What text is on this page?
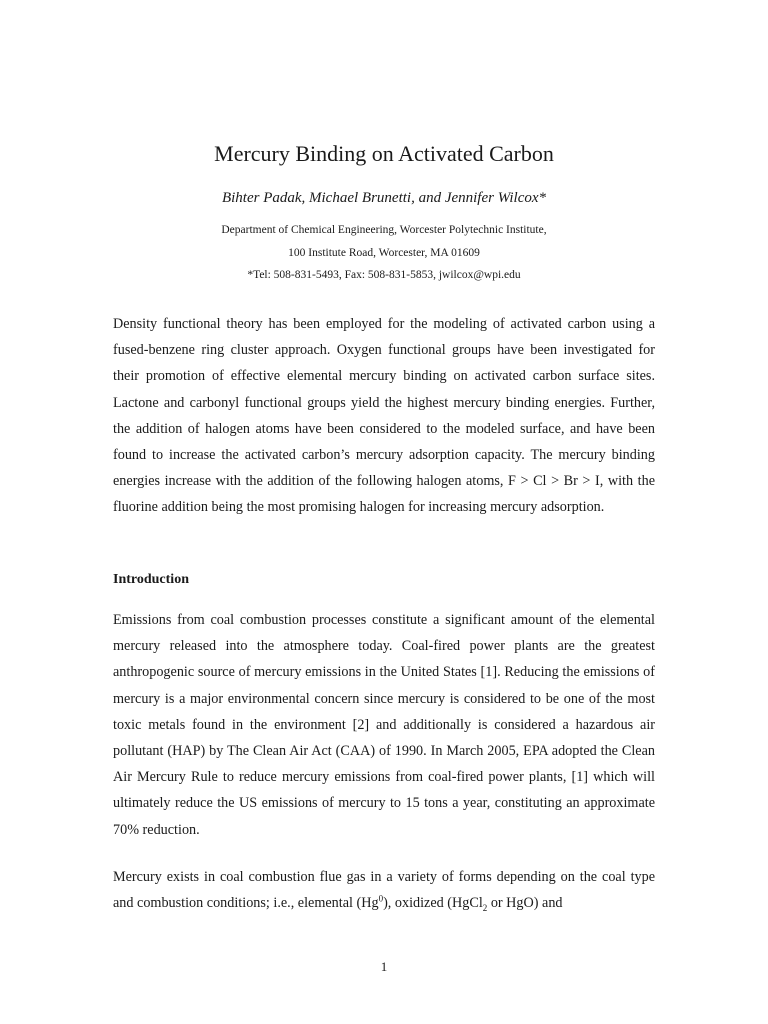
Mercury Binding on Activated Carbon
Bihter Padak, Michael Brunetti, and Jennifer Wilcox*
Department of Chemical Engineering, Worcester Polytechnic Institute,
100 Institute Road, Worcester, MA 01609
*Tel: 508-831-5493, Fax: 508-831-5853, jwilcox@wpi.edu

Density functional theory has been employed for the modeling of activated carbon using a fused-benzene ring cluster approach. Oxygen functional groups have been investigated for their promotion of effective elemental mercury binding on activated carbon surface sites. Lactone and carbonyl functional groups yield the highest mercury binding energies. Further, the addition of halogen atoms have been considered to the modeled surface, and have been found to increase the activated carbon’s mercury adsorption capacity. The mercury binding energies increase with the addition of the following halogen atoms, F > Cl > Br > I, with the fluorine addition being the most promising halogen for increasing mercury adsorption.

Introduction

Emissions from coal combustion processes constitute a significant amount of the elemental mercury released into the atmosphere today. Coal-fired power plants are the greatest anthropogenic source of mercury emissions in the United States [1]. Reducing the emissions of mercury is a major environmental concern since mercury is considered to be one of the most toxic metals found in the environment [2] and additionally is considered a hazardous air pollutant (HAP) by The Clean Air Act (CAA) of 1990. In March 2005, EPA adopted the Clean Air Mercury Rule to reduce mercury emissions from coal-fired power plants, [1] which will ultimately reduce the US emissions of mercury to 15 tons a year, constituting an approximate 70% reduction.

Mercury exists in coal combustion flue gas in a variety of forms depending on the coal type and combustion conditions; i.e., elemental (Hg$^0$), oxidized (HgCl$_2$ or HgO) and

1
